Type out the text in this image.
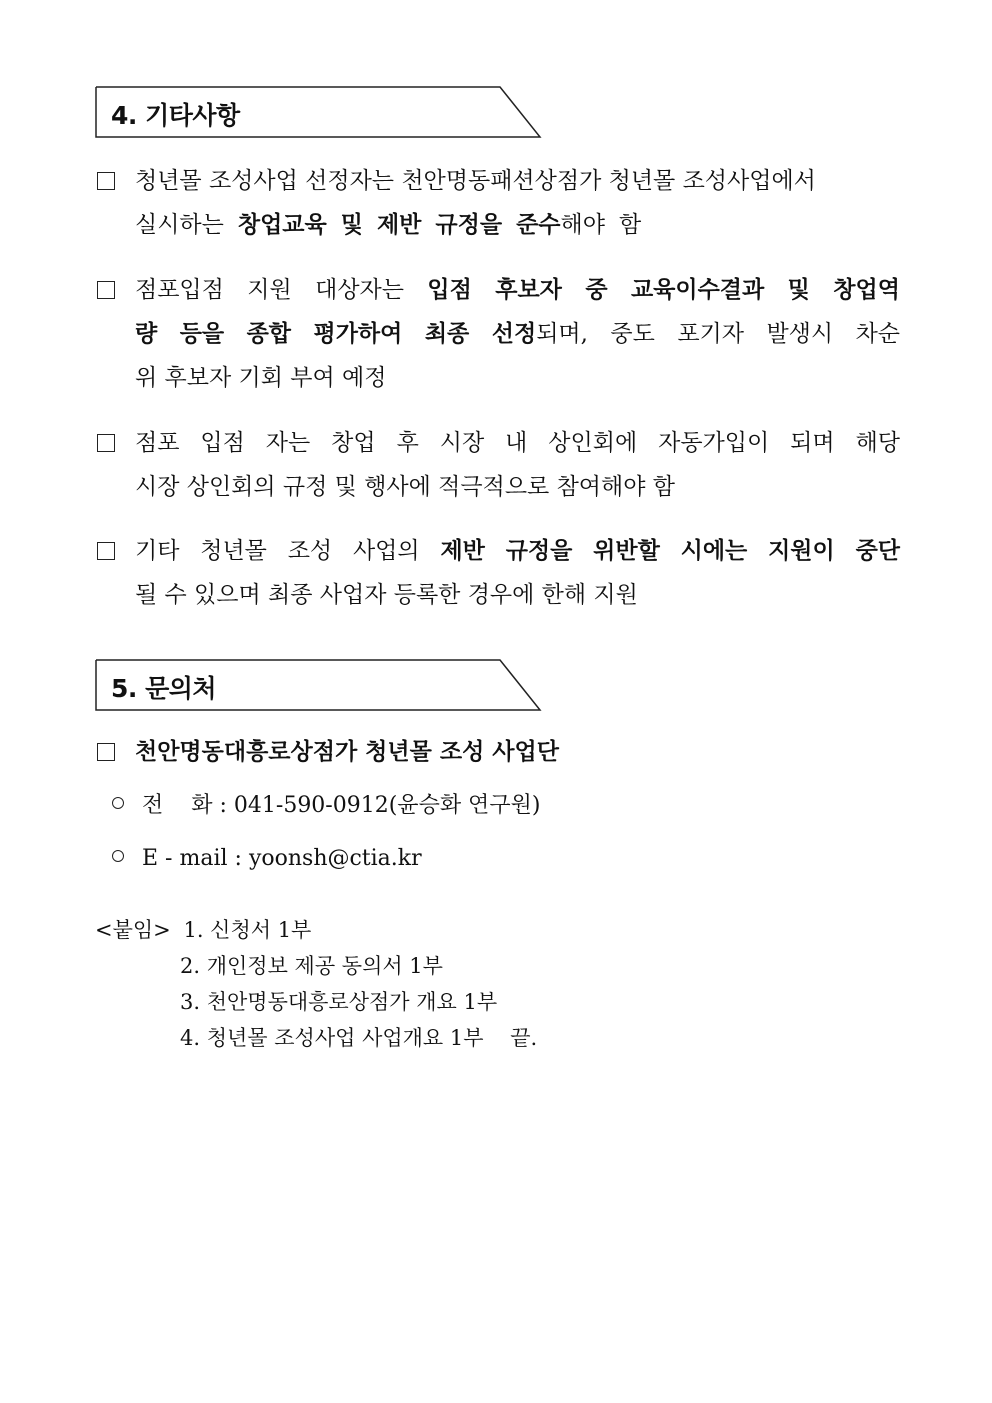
4. 기타사항
청년몰 조성사업 선정자는 천안명동패션상점가 청년몰 조성사업에서
실시하는 창업교육 및 제반 규정을 준수해야 함
점포입점 지원 대상자는 입점 후보자 중 교육이수결과 및 창업역
량 등을 종합 평가하여 최종 선정되며, 중도 포기자 발생시 차순
위 후보자 기회 부여 예정
점포 입점 자는 창업 후 시장 내 상인회에 자동가입이 되며 해당
시장 상인회의 규정 및 행사에 적극적으로 참여해야 함
기타 청년몰 조성 사업의 제반 규정을 위반할 시에는 지원이 중단
될 수 있으며 최종 사업자 등록한 경우에 한해 지원
5. 문의처
천안명동대흥로상점가 청년몰 조성 사업단
전    화 : 041-590-0912(윤승화 연구원)
E - mail : yoonsh@ctia.kr
<붙임> 1. 신청서 1부
2. 개인정보 제공 동의서 1부
3. 천안명동대흥로상점가 개요 1부
4. 청년몰 조성사업 사업개요 1부 끝.
